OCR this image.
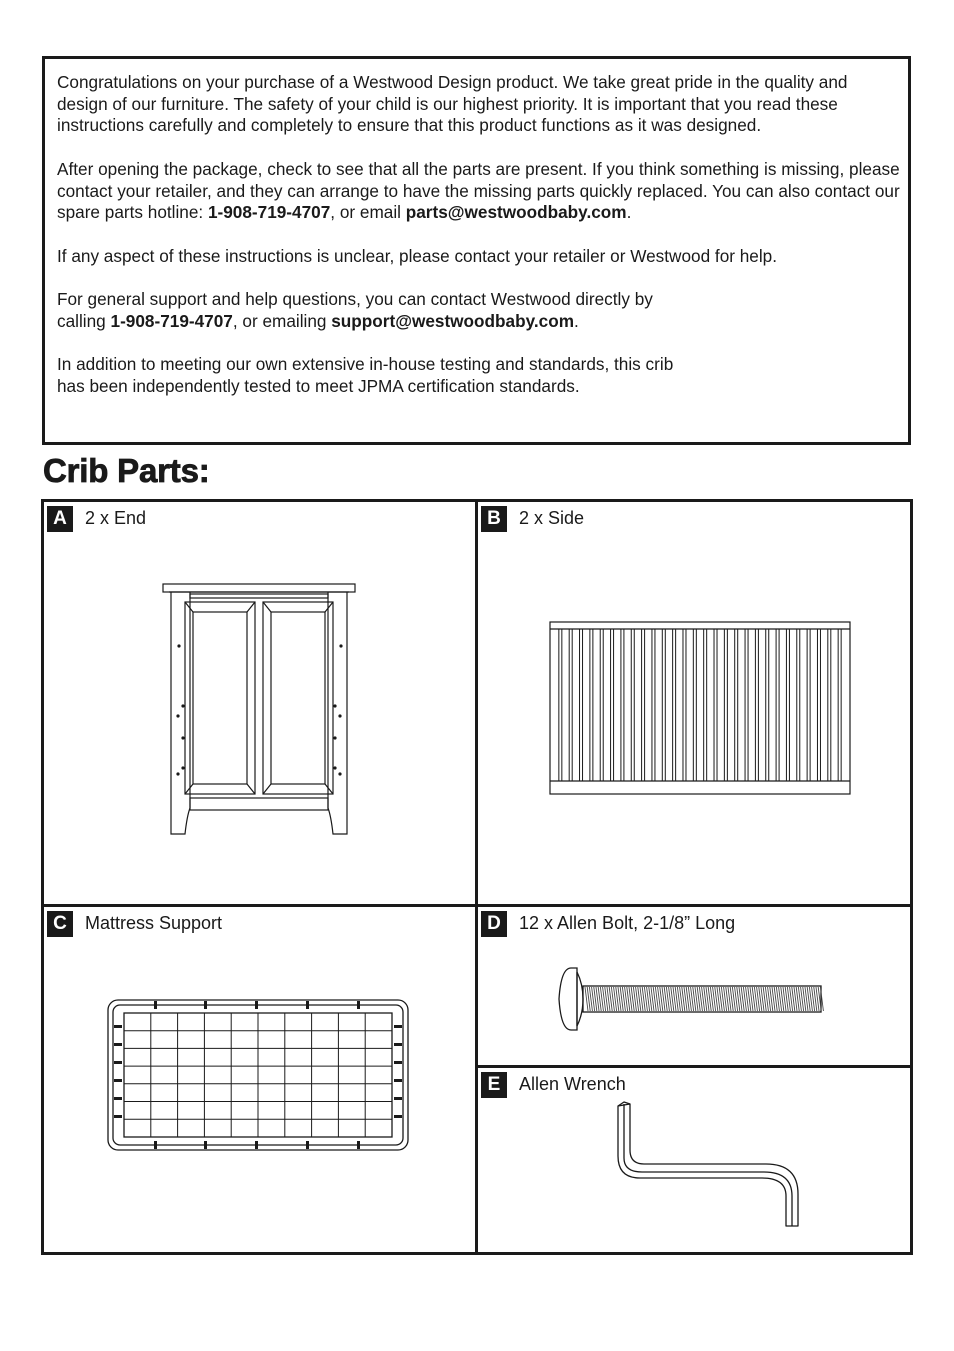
Congratulations on your purchase of a Westwood Design product. We take great pride in the quality and design of our furniture. The safety of your child is our highest priority. It is important that you read these instructions carefully and completely to ensure that this product functions as it was designed.

After opening the package, check to see that all the parts are present. If you think something is missing, please contact your retailer, and they can arrange to have the missing parts quickly replaced. You can also contact our spare parts hotline: 1-908-719-4707, or email parts@westwoodbaby.com.

If any aspect of these instructions is unclear, please contact your retailer or Westwood for help.

For general support and help questions, you can contact Westwood directly by
calling 1-908-719-4707, or emailing support@westwoodbaby.com.

In addition to meeting our own extensive in-house testing and standards, this crib
has been independently tested to meet JPMA certification standards.

Crib Parts:
A	2 x End	B	2 x Side
C	Mattress Support	D	12 x Allen Bolt, 2-1/8” Long
E	Allen Wrench
